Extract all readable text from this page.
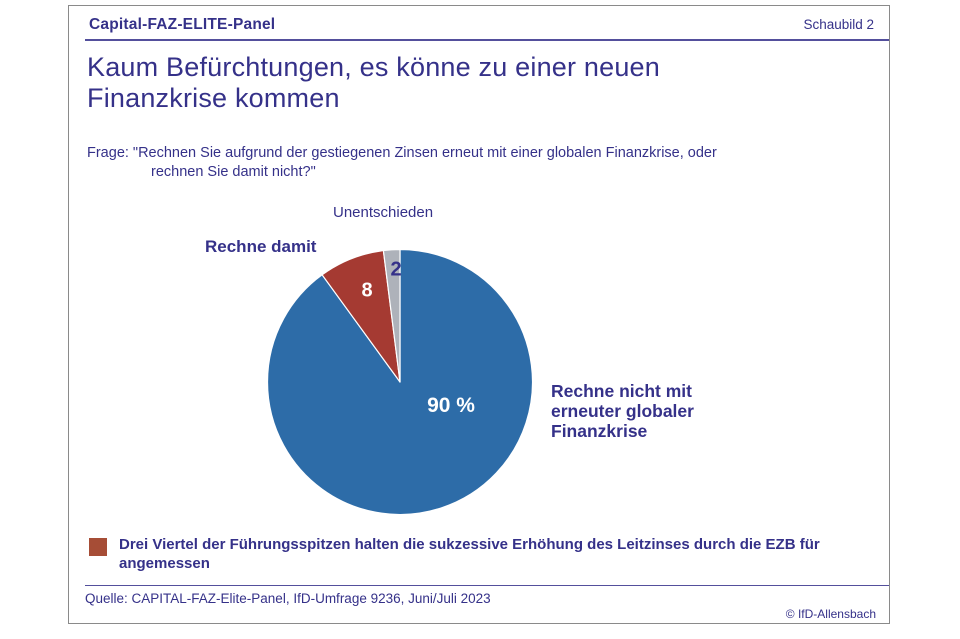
Capital-FAZ-ELITE-Panel	Schaubild 2
Kaum Befürchtungen, es könne zu einer neuen
Finanzkrise kommen
Frage: "Rechnen Sie aufgrund der gestiegenen Zinsen erneut mit einer globalen Finanzkrise, oder
rechnen Sie damit nicht?"
Unentschieden
Rechne damit
Rechne nicht mit erneuter globaler Finanzkrise
90 %
8
2
Drei Viertel der Führungsspitzen halten die sukzessive Erhöhung des Leitzinses durch die EZB für
angemessen
Quelle: CAPITAL-FAZ-Elite-Panel, IfD-Umfrage 9236, Juni/Juli 2023
© IfD-Allensbach
